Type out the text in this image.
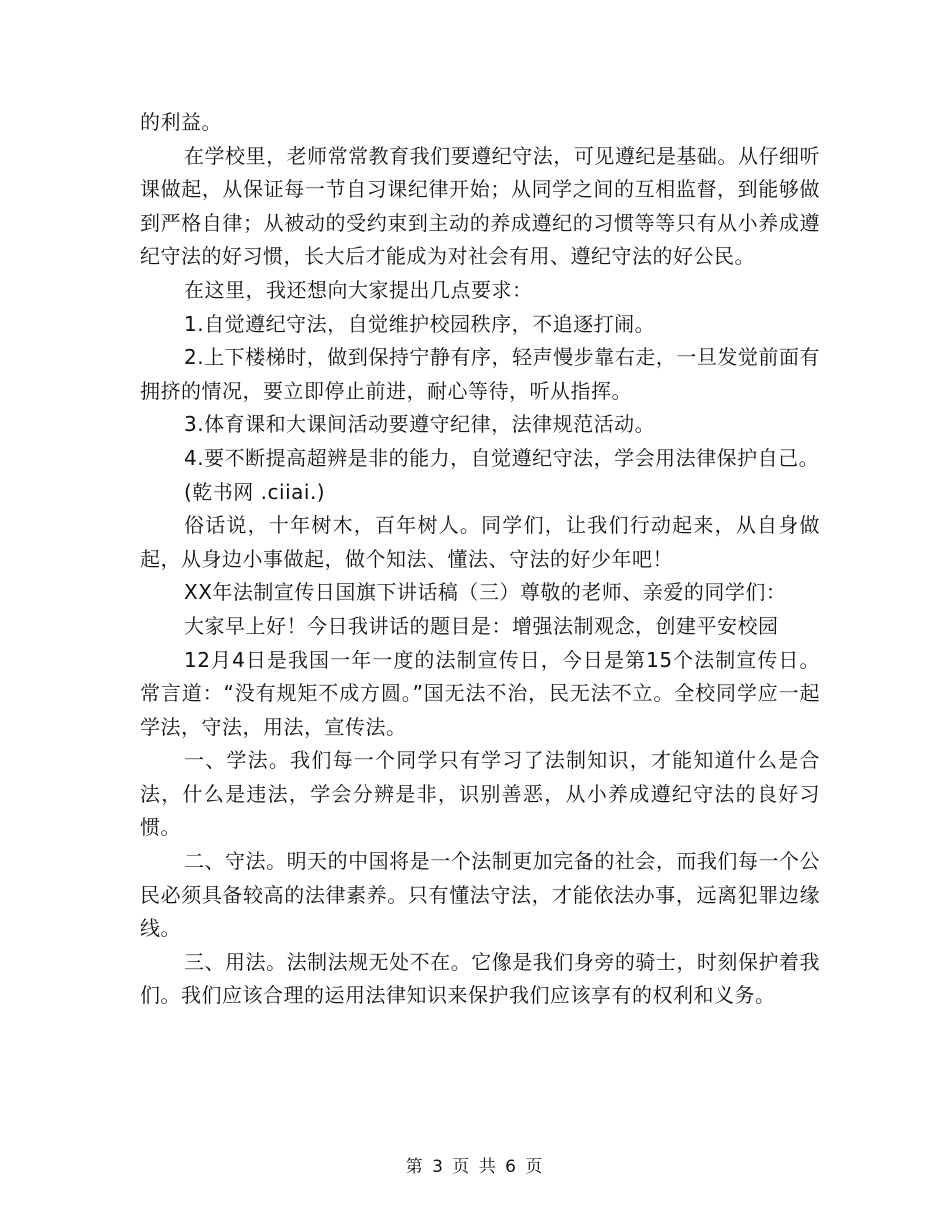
的利益。

在学校里，老师常常教育我们要遵纪守法，可见遵纪是基础。从仔细听课做起，从保证每一节自习课纪律开始；从同学之间的互相监督，到能够做到严格自律；从被动的受约束到主动的养成遵纪的习惯等等只有从小养成遵纪守法的好习惯，长大后才能成为对社会有用、遵纪守法的好公民。

在这里，我还想向大家提出几点要求：

1.自觉遵纪守法，自觉维护校园秩序，不追逐打闹。

2.上下楼梯时，做到保持宁静有序，轻声慢步靠右走，一旦发觉前面有拥挤的情况，要立即停止前进，耐心等待，听从指挥。

3.体育课和大课间活动要遵守纪律，法律规范活动。

4.要不断提高超辨是非的能力，自觉遵纪守法，学会用法律保护自己。

(乾书网 .ciiai.)

俗话说，十年树木，百年树人。同学们，让我们行动起来，从自身做起，从身边小事做起，做个知法、懂法、守法的好少年吧！

XX年法制宣传日国旗下讲话稿（三）尊敬的老师、亲爱的同学们：

大家早上好！今日我讲话的题目是：增强法制观念，创建平安校园

12月4日是我国一年一度的法制宣传日，今日是第15个法制宣传日。常言道：“没有规矩不成方圆。”国无法不治，民无法不立。全校同学应一起学法，守法，用法，宣传法。

一、学法。我们每一个同学只有学习了法制知识，才能知道什么是合法，什么是违法，学会分辨是非，识别善恶，从小养成遵纪守法的良好习惯。

二、守法。明天的中国将是一个法制更加完备的社会，而我们每一个公民必须具备较高的法律素养。只有懂法守法，才能依法办事，远离犯罪边缘线。

三、用法。法制法规无处不在。它像是我们身旁的骑士，时刻保护着我们。我们应该合理的运用法律知识来保护我们应该享有的权利和义务。

第 3 页 共 6 页
